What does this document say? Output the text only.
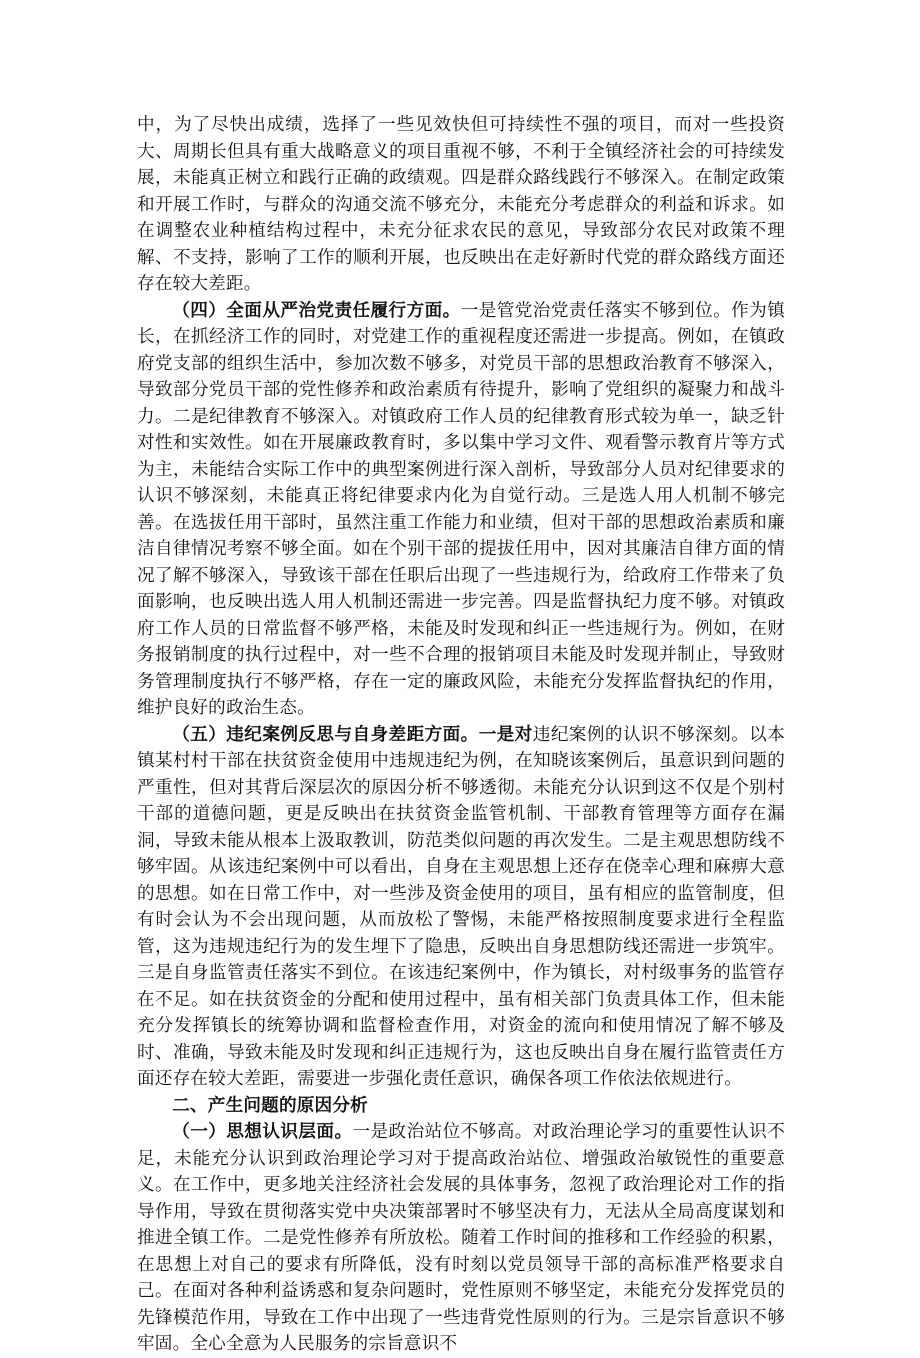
中，为了尽快出成绩，选择了一些见效快但可持续性不强的项目，而对一些投资大、周期长但具有重大战略意义的项目重视不够，不利于全镇经济社会的可持续发展，未能真正树立和践行正确的政绩观。四是群众路线践行不够深入。在制定政策和开展工作时，与群众的沟通交流不够充分，未能充分考虑群众的利益和诉求。如在调整农业种植结构过程中，未充分征求农民的意见，导致部分农民对政策不理解、不支持，影响了工作的顺利开展，也反映出在走好新时代党的群众路线方面还存在较大差距。

（四）全面从严治党责任履行方面。一是管党治党责任落实不够到位。作为镇长，在抓经济工作的同时，对党建工作的重视程度还需进一步提高。例如，在镇政府党支部的组织生活中，参加次数不够多，对党员干部的思想政治教育不够深入，导致部分党员干部的党性修养和政治素质有待提升，影响了党组织的凝聚力和战斗力。二是纪律教育不够深入。对镇政府工作人员的纪律教育形式较为单一，缺乏针对性和实效性。如在开展廉政教育时，多以集中学习文件、观看警示教育片等方式为主，未能结合实际工作中的典型案例进行深入剖析，导致部分人员对纪律要求的认识不够深刻，未能真正将纪律要求内化为自觉行动。三是选人用人机制不够完善。在选拔任用干部时，虽然注重工作能力和业绩，但对干部的思想政治素质和廉洁自律情况考察不够全面。如在个别干部的提拔任用中，因对其廉洁自律方面的情况了解不够深入，导致该干部在任职后出现了一些违规行为，给政府工作带来了负面影响，也反映出选人用人机制还需进一步完善。四是监督执纪力度不够。对镇政府工作人员的日常监督不够严格，未能及时发现和纠正一些违规行为。例如，在财务报销制度的执行过程中，对一些不合理的报销项目未能及时发现并制止，导致财务管理制度执行不够严格，存在一定的廉政风险，未能充分发挥监督执纪的作用，维护良好的政治生态。

（五）违纪案例反思与自身差距方面。一是对违纪案例的认识不够深刻。以本镇某村村干部在扶贫资金使用中违规违纪为例，在知晓该案例后，虽意识到问题的严重性，但对其背后深层次的原因分析不够透彻。未能充分认识到这不仅是个别村干部的道德问题，更是反映出在扶贫资金监管机制、干部教育管理等方面存在漏洞，导致未能从根本上汲取教训，防范类似问题的再次发生。二是主观思想防线不够牢固。从该违纪案例中可以看出，自身在主观思想上还存在侥幸心理和麻痹大意的思想。如在日常工作中，对一些涉及资金使用的项目，虽有相应的监管制度，但有时会认为不会出现问题，从而放松了警惕，未能严格按照制度要求进行全程监管，这为违规违纪行为的发生埋下了隐患，反映出自身思想防线还需进一步筑牢。三是自身监管责任落实不到位。在该违纪案例中，作为镇长，对村级事务的监管存在不足。如在扶贫资金的分配和使用过程中，虽有相关部门负责具体工作，但未能充分发挥镇长的统筹协调和监督检查作用，对资金的流向和使用情况了解不够及时、准确，导致未能及时发现和纠正违规行为，这也反映出自身在履行监管责任方面还存在较大差距，需要进一步强化责任意识，确保各项工作依法依规进行。

二、产生问题的原因分析

（一）思想认识层面。一是政治站位不够高。对政治理论学习的重要性认识不足，未能充分认识到政治理论学习对于提高政治站位、增强政治敏锐性的重要意义。在工作中，更多地关注经济社会发展的具体事务，忽视了政治理论对工作的指导作用，导致在贯彻落实党中央决策部署时不够坚决有力，无法从全局高度谋划和推进全镇工作。二是党性修养有所放松。随着工作时间的推移和工作经验的积累，在思想上对自己的要求有所降低，没有时刻以党员领导干部的高标准严格要求自己。在面对各种利益诱惑和复杂问题时，党性原则不够坚定，未能充分发挥党员的先锋模范作用，导致在工作中出现了一些违背党性原则的行为。三是宗旨意识不够牢固。全心全意为人民服务的宗旨意识不
